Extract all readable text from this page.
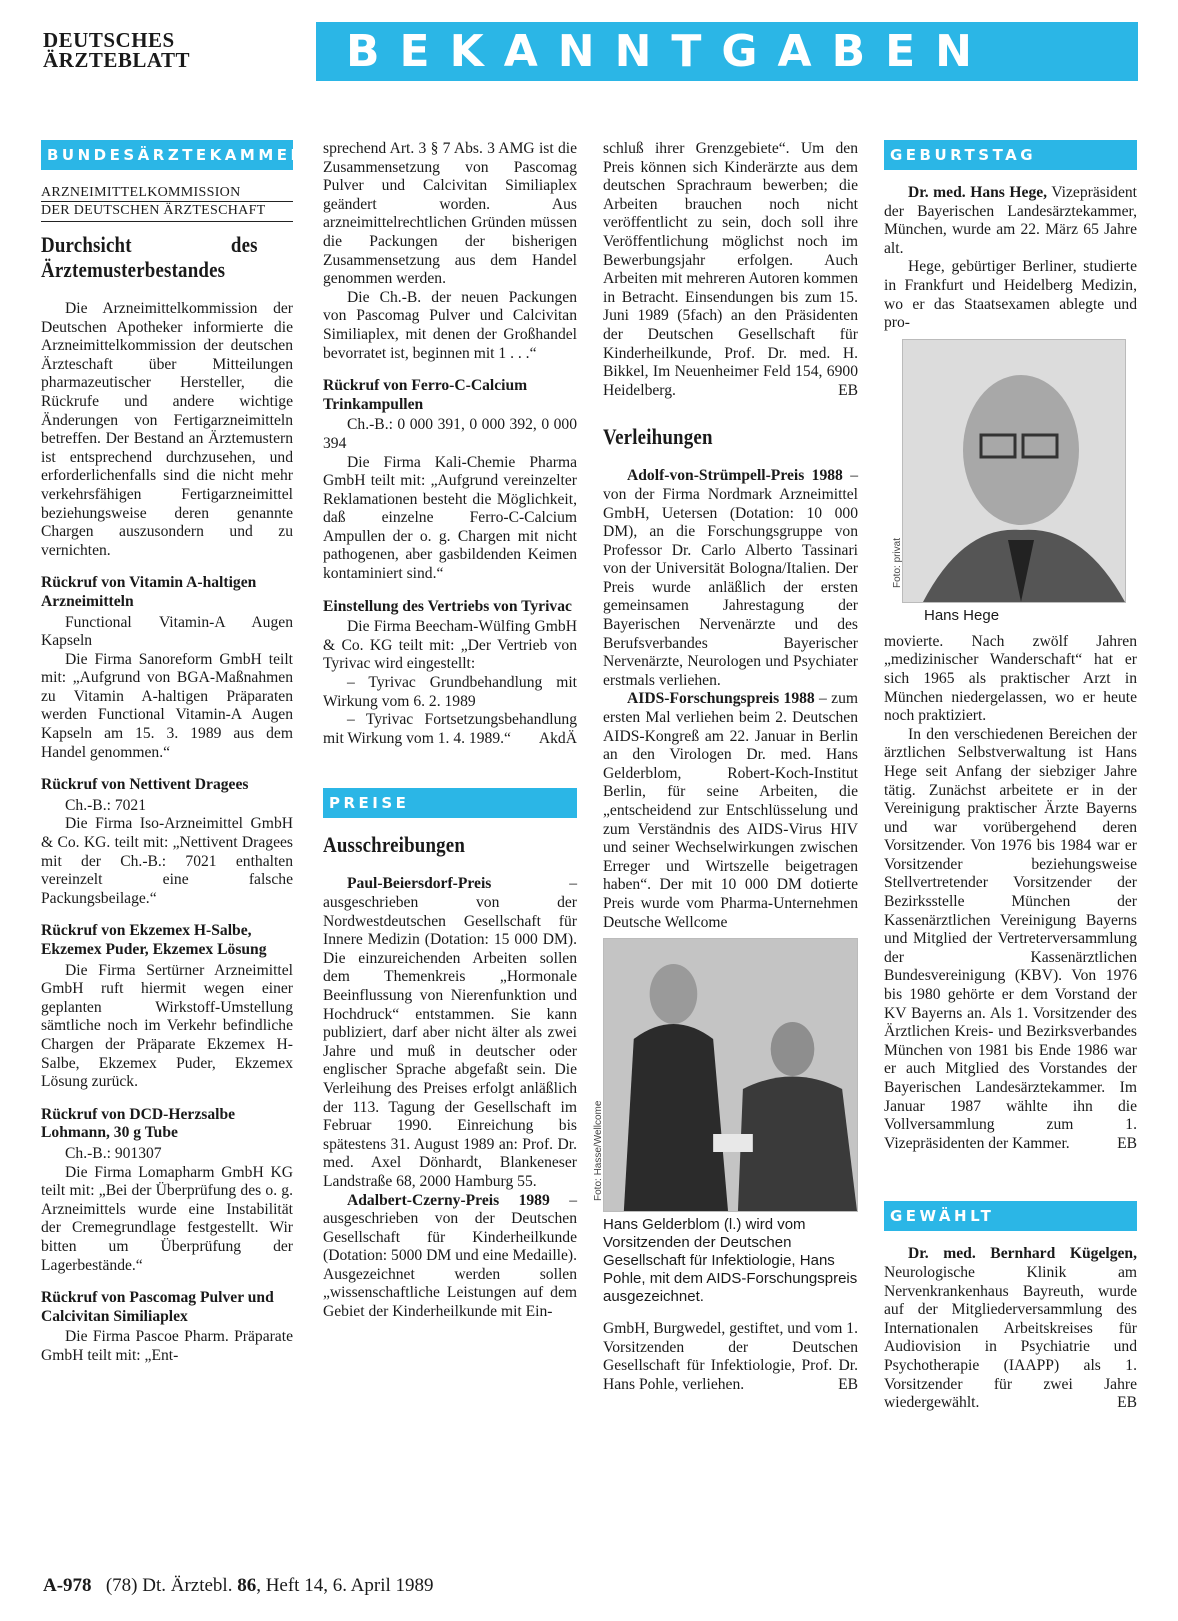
DEUTSCHES
ÄRZTEBLATT	BEKANNTGABEN
BUNDESÄRZTEKAMMER
ARZNEIMITTELKOMMISSION
DER DEUTSCHEN ÄRZTESCHAFT
Durchsicht des Ärztemusterbestandes

Die Arzneimittelkommission der Deutschen Apotheker informierte die Arzneimittelkommission der deutschen Ärzteschaft über Mitteilungen pharmazeutischer Hersteller, die Rückrufe und andere wichtige Änderungen von Fertigarzneimitteln betreffen. Der Bestand an Ärztemustern ist entsprechend durchzusehen, und erforderlichenfalls sind die nicht mehr verkehrsfähigen Fertigarzneimittel beziehungsweise deren genannte Chargen auszusondern und zu vernichten.

Rückruf von Vitamin A-haltigen Arzneimitteln

Functional Vitamin-A Augen Kapseln

Die Firma Sanoreform GmbH teilt mit: „Aufgrund von BGA-Maßnahmen zu Vitamin A-haltigen Präparaten werden Functional Vitamin-A Augen Kapseln am 15. 3. 1989 aus dem Handel genommen.“

Rückruf von Nettivent Dragees

Ch.-B.: 7021

Die Firma Iso-Arzneimittel GmbH & Co. KG. teilt mit: „Nettivent Dragees mit der Ch.-B.: 7021 enthalten vereinzelt eine falsche Packungsbeilage.“

Rückruf von Ekzemex H-Salbe, Ekzemex Puder, Ekzemex Lösung

Die Firma Sertürner Arzneimittel GmbH ruft hiermit wegen einer geplanten Wirkstoff-Umstellung sämtliche noch im Verkehr befindliche Chargen der Präparate Ekzemex H-Salbe, Ekzemex Puder, Ekzemex Lösung zurück.

Rückruf von DCD-Herzsalbe Lohmann, 30 g Tube

Ch.-B.: 901307

Die Firma Lomapharm GmbH KG teilt mit: „Bei der Überprüfung des o. g. Arzneimittels wurde eine Instabilität der Cremegrundlage festgestellt. Wir bitten um Überprüfung der Lagerbestände.“

Rückruf von Pascomag Pulver und Calcivitan Similiaplex

Die Firma Pascoe Pharm. Präparate GmbH teilt mit: „Ent-

sprechend Art. 3 § 7 Abs. 3 AMG ist die Zusammensetzung von Pascomag Pulver und Calcivitan Similiaplex geändert worden. Aus arzneimittelrechtlichen Gründen müssen die Packungen der bisherigen Zusammensetzung aus dem Handel genommen werden.

Die Ch.-B. der neuen Packungen von Pascomag Pulver und Calcivitan Similiaplex, mit denen der Großhandel bevorratet ist, beginnen mit 1 . . .“

Rückruf von Ferro-C-Calcium Trinkampullen

Ch.-B.: 0 000 391, 0 000 392, 0 000 394

Die Firma Kali-Chemie Pharma GmbH teilt mit: „Aufgrund vereinzelter Reklamationen besteht die Möglichkeit, daß einzelne Ferro-C-Calcium Ampullen der o. g. Chargen mit nicht pathogenen, aber gasbildenden Keimen kontaminiert sind.“

Einstellung des Vertriebs von Tyrivac

Die Firma Beecham-Wülfing GmbH & Co. KG teilt mit: „Der Vertrieb von Tyrivac wird eingestellt:

– Tyrivac Grundbehandlung mit Wirkung vom 6. 2. 1989

– Tyrivac Fortsetzungsbehandlung mit Wirkung vom 1. 4. 1989.“	AkdÄ

PREISE
Ausschreibungen

Paul-Beiersdorf-Preis – ausgeschrieben von der Nordwestdeutschen Gesellschaft für Innere Medizin (Dotation: 15 000 DM). Die einzureichenden Arbeiten sollen dem Themenkreis „Hormonale Beeinflussung von Nierenfunktion und Hochdruck“ entstammen. Sie kann publiziert, darf aber nicht älter als zwei Jahre und muß in deutscher oder englischer Sprache abgefaßt sein. Die Verleihung des Preises erfolgt anläßlich der 113. Tagung der Gesellschaft im Februar 1990. Einreichung bis spätestens 31. August 1989 an: Prof. Dr. med. Axel Dönhardt, Blankeneser Landstraße 68, 2000 Hamburg 55.

Adalbert-Czerny-Preis 1989 – ausgeschrieben von der Deutschen Gesellschaft für Kinderheilkunde (Dotation: 5000 DM und eine Medaille). Ausgezeichnet werden sollen „wissenschaftliche Leistungen auf dem Gebiet der Kinderheilkunde mit Ein-

schluß ihrer Grenzgebiete“. Um den Preis können sich Kinderärzte aus dem deutschen Sprachraum bewerben; die Arbeiten brauchen noch nicht veröffentlicht zu sein, doch soll ihre Veröffentlichung möglichst noch im Bewerbungsjahr erfolgen. Auch Arbeiten mit mehreren Autoren kommen in Betracht. Einsendungen bis zum 15. Juni 1989 (5fach) an den Präsidenten der Deutschen Gesellschaft für Kinderheilkunde, Prof. Dr. med. H. Bikkel, Im Neuenheimer Feld 154, 6900 Heidelberg.	EB

Verleihungen

Adolf-von-Strümpell-Preis 1988 – von der Firma Nordmark Arzneimittel GmbH, Uetersen (Dotation: 10 000 DM), an die Forschungsgruppe von Professor Dr. Carlo Alberto Tassinari von der Universität Bologna/Italien. Der Preis wurde anläßlich der ersten gemeinsamen Jahrestagung der Bayerischen Nervenärzte und des Berufsverbandes Bayerischer Nervenärzte, Neurologen und Psychiater erstmals verliehen.

AIDS-Forschungspreis 1988 – zum ersten Mal verliehen beim 2. Deutschen AIDS-Kongreß am 22. Januar in Berlin an den Virologen Dr. med. Hans Gelderblom, Robert-Koch-Institut Berlin, für seine Arbeiten, die „entscheidend zur Entschlüsselung und zum Verständnis des AIDS-Virus HIV und seiner Wechselwirkungen zwischen Erreger und Wirtszelle beigetragen haben“. Der mit 10 000 DM dotierte Preis wurde vom Pharma-Unternehmen Deutsche Wellcome

Foto: Hasse/Wellcome
Hans Gelderblom (l.) wird vom Vorsitzenden der Deutschen Gesellschaft für Infektiologie, Hans Pohle, mit dem AIDS-Forschungspreis ausgezeichnet.

GmbH, Burgwedel, gestiftet, und vom 1. Vorsitzenden der Deutschen Gesellschaft für Infektiologie, Prof. Dr. Hans Pohle, verliehen.	EB

GEBURTSTAG

Dr. med. Hans Hege, Vizepräsident der Bayerischen Landesärztekammer, München, wurde am 22. März 65 Jahre alt.

Hege, gebürtiger Berliner, studierte in Frankfurt und Heidelberg Medizin, wo er das Staatsexamen ablegte und pro-

Foto: privat
Hans Hege

movierte. Nach zwölf Jahren „medizinischer Wanderschaft“ hat er sich 1965 als praktischer Arzt in München niedergelassen, wo er heute noch praktiziert.

In den verschiedenen Bereichen der ärztlichen Selbstverwaltung ist Hans Hege seit Anfang der siebziger Jahre tätig. Zunächst arbeitete er in der Vereinigung praktischer Ärzte Bayerns und war vorübergehend deren Vorsitzender. Von 1976 bis 1984 war er Vorsitzender beziehungsweise Stellvertretender Vorsitzender der Bezirksstelle München der Kassenärztlichen Vereinigung Bayerns und Mitglied der Vertreterversammlung der Kassenärztlichen Bundesvereinigung (KBV). Von 1976 bis 1980 gehörte er dem Vorstand der KV Bayerns an. Als 1. Vorsitzender des Ärztlichen Kreis- und Bezirksverbandes München von 1981 bis Ende 1986 war er auch Mitglied des Vorstandes der Bayerischen Landesärztekammer. Im Januar 1987 wählte ihn die Vollversammlung zum 1. Vizepräsidenten der Kammer.	EB

GEWÄHLT

Dr. med. Bernhard Kügelgen, Neurologische Klinik am Nervenkrankenhaus Bayreuth, wurde auf der Mitgliederversammlung des Internationalen Arbeitskreises für Audiovision in Psychiatrie und Psychotherapie (IAAPP) als 1. Vorsitzender für zwei Jahre wiedergewählt.	EB

A-978 (78) Dt. Ärztebl. 86, Heft 14, 6. April 1989
